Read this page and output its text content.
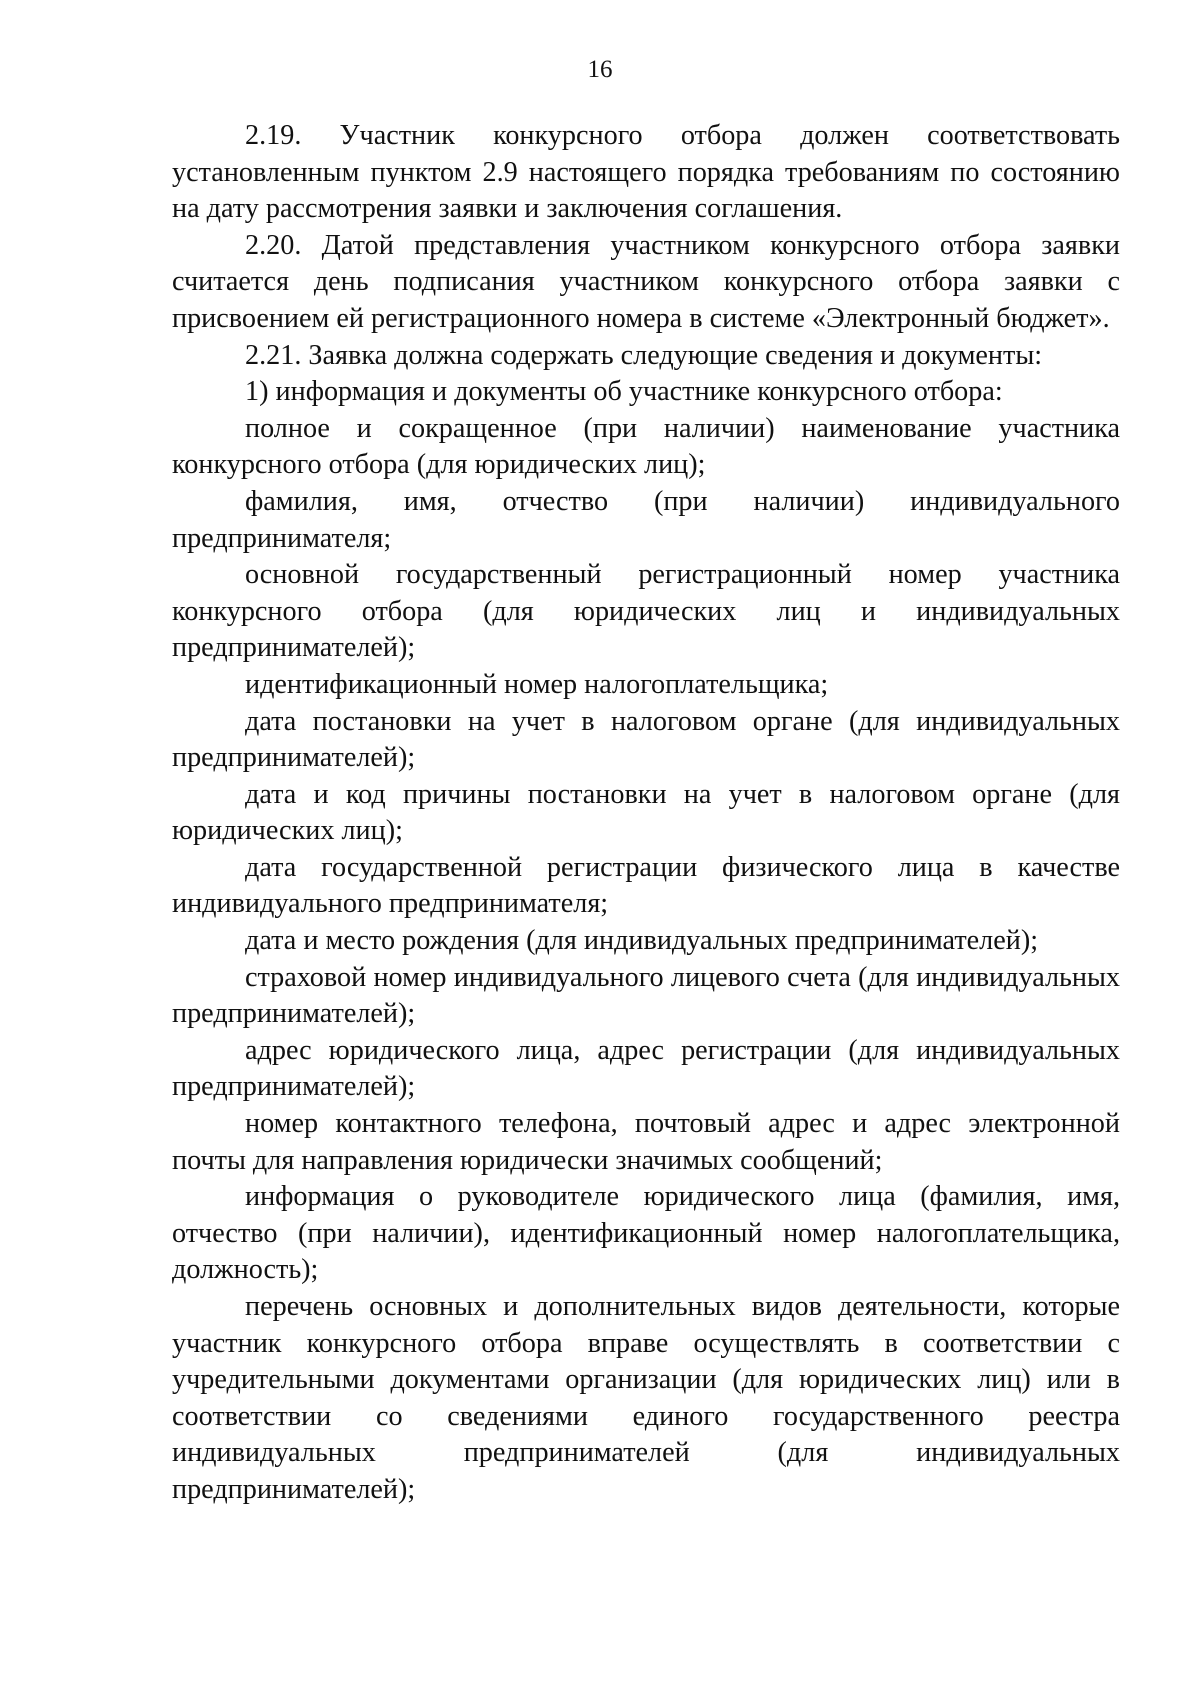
16

2.19. Участник конкурсного отбора должен соответствовать установленным пунктом 2.9 настоящего порядка требованиям по состоянию на дату рассмотрения заявки и заключения соглашения.

2.20. Датой представления участником конкурсного отбора заявки считается день подписания участником конкурсного отбора заявки с присвоением ей регистрационного номера в системе «Электронный бюджет».

2.21. Заявка должна содержать следующие сведения и документы:

1) информация и документы об участнике конкурсного отбора:

полное и сокращенное (при наличии) наименование участника конкурсного отбора (для юридических лиц);

фамилия, имя, отчество (при наличии) индивидуального предпринимателя;

основной государственный регистрационный номер участника конкурсного отбора (для юридических лиц и индивидуальных предпринимателей);

идентификационный номер налогоплательщика;

дата постановки на учет в налоговом органе (для индивидуальных предпринимателей);

дата и код причины постановки на учет в налоговом органе (для юридических лиц);

дата государственной регистрации физического лица в качестве индивидуального предпринимателя;

дата и место рождения (для индивидуальных предпринимателей);

страховой номер индивидуального лицевого счета (для индивидуальных предпринимателей);

адрес юридического лица, адрес регистрации (для индивидуальных предпринимателей);

номер контактного телефона, почтовый адрес и адрес электронной почты для направления юридически значимых сообщений;

информация о руководителе юридического лица (фамилия, имя, отчество (при наличии), идентификационный номер налогоплательщика, должность);

перечень основных и дополнительных видов деятельности, которые участник конкурсного отбора вправе осуществлять в соответствии с учредительными документами организации (для юридических лиц) или в соответствии со сведениями единого государственного реестра индивидуальных предпринимателей (для индивидуальных предпринимателей);
